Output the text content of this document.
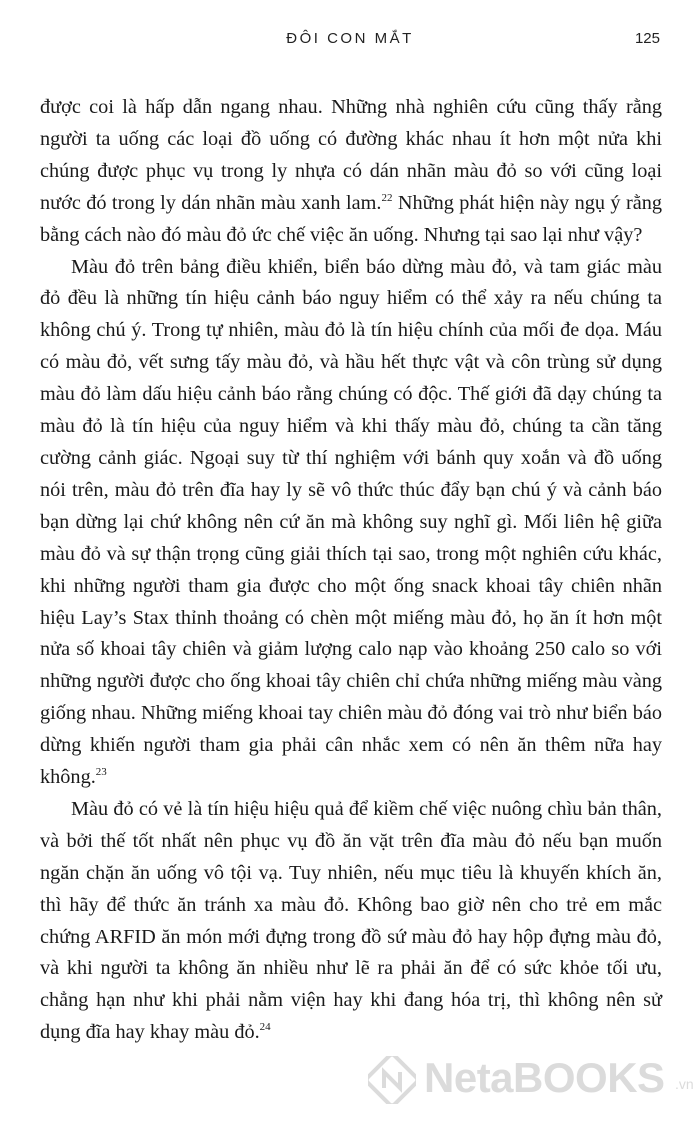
ĐÔI CON MẮT	125

được coi là hấp dẫn ngang nhau. Những nhà nghiên cứu cũng thấy rằng người ta uống các loại đồ uống có đường khác nhau ít hơn một nửa khi chúng được phục vụ trong ly nhựa có dán nhãn màu đỏ so với cũng loại nước đó trong ly dán nhãn màu xanh lam.$^{22}$ Những phát hiện này ngụ ý rằng bằng cách nào đó màu đỏ ức chế việc ăn uống. Nhưng tại sao lại như vậy?

Màu đỏ trên bảng điều khiển, biển báo dừng màu đỏ, và tam giác màu đỏ đều là những tín hiệu cảnh báo nguy hiểm có thể xảy ra nếu chúng ta không chú ý. Trong tự nhiên, màu đỏ là tín hiệu chính của mối đe dọa. Máu có màu đỏ, vết sưng tấy màu đỏ, và hầu hết thực vật và côn trùng sử dụng màu đỏ làm dấu hiệu cảnh báo rằng chúng có độc. Thế giới đã dạy chúng ta màu đỏ là tín hiệu của nguy hiểm và khi thấy màu đỏ, chúng ta cần tăng cường cảnh giác. Ngoại suy từ thí nghiệm với bánh quy xoắn và đồ uống nói trên, màu đỏ trên đĩa hay ly sẽ vô thức thúc đẩy bạn chú ý và cảnh báo bạn dừng lại chứ không nên cứ ăn mà không suy nghĩ gì. Mối liên hệ giữa màu đỏ và sự thận trọng cũng giải thích tại sao, trong một nghiên cứu khác, khi những người tham gia được cho một ống snack khoai tây chiên nhãn hiệu Lay’s Stax thỉnh thoảng có chèn một miếng màu đỏ, họ ăn ít hơn một nửa số khoai tây chiên và giảm lượng calo nạp vào khoảng 250 calo so với những người được cho ống khoai tây chiên chỉ chứa những miếng màu vàng giống nhau. Những miếng khoai tay chiên màu đỏ đóng vai trò như biển báo dừng khiến người tham gia phải cân nhắc xem có nên ăn thêm nữa hay không.$^{23}$

Màu đỏ có vẻ là tín hiệu hiệu quả để kiềm chế việc nuông chìu bản thân, và bởi thế tốt nhất nên phục vụ đồ ăn vặt trên đĩa màu đỏ nếu bạn muốn ngăn chặn ăn uống vô tội vạ. Tuy nhiên, nếu mục tiêu là khuyến khích ăn, thì hãy để thức ăn tránh xa màu đỏ. Không bao giờ nên cho trẻ em mắc chứng ARFID ăn món mới đựng trong đồ sứ màu đỏ hay hộp đựng màu đỏ, và khi người ta không ăn nhiều như lẽ ra phải ăn để có sức khỏe tối ưu, chẳng hạn như khi phải nằm viện hay khi đang hóa trị, thì không nên sử dụng đĩa hay khay màu đỏ.$^{24}$

NetaBOOKS .vn
